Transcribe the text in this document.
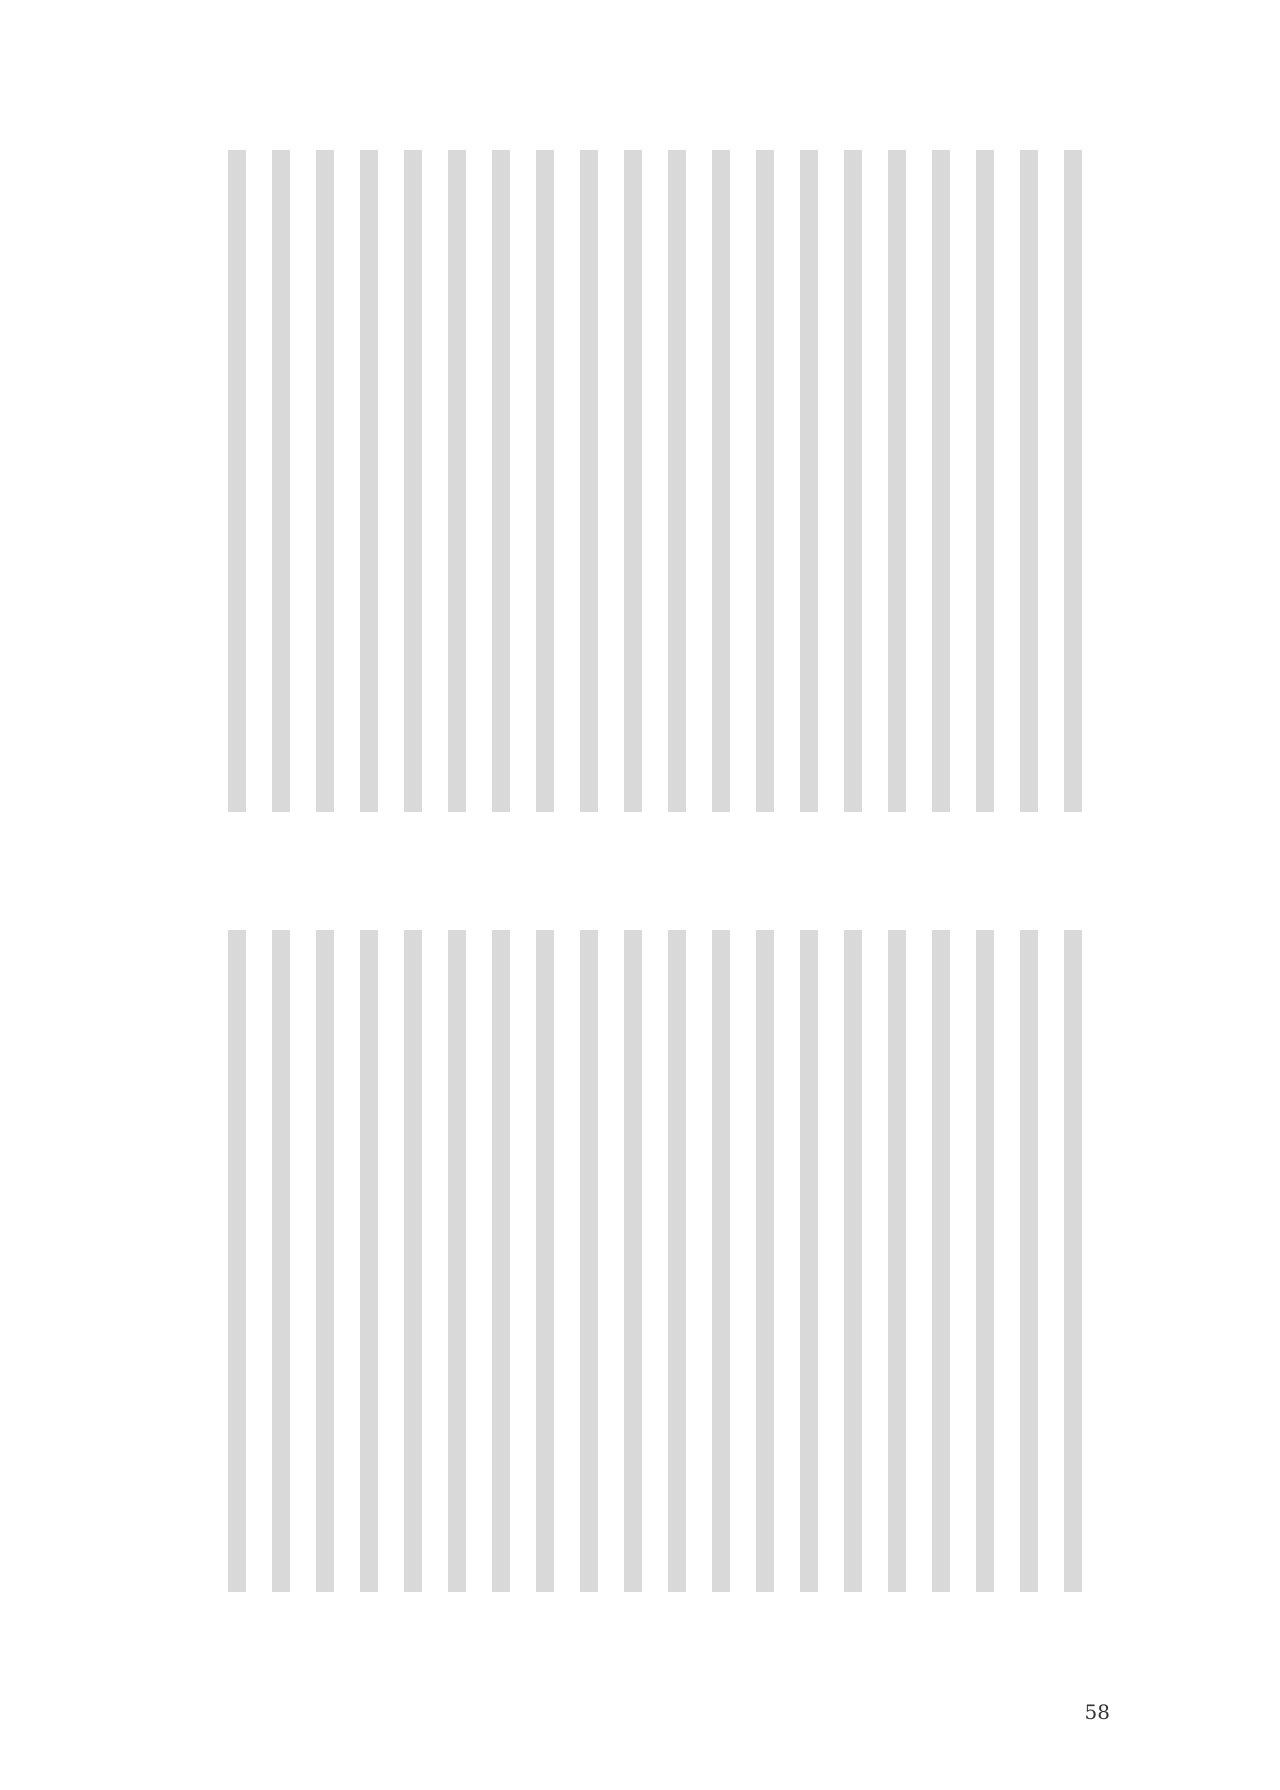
58
